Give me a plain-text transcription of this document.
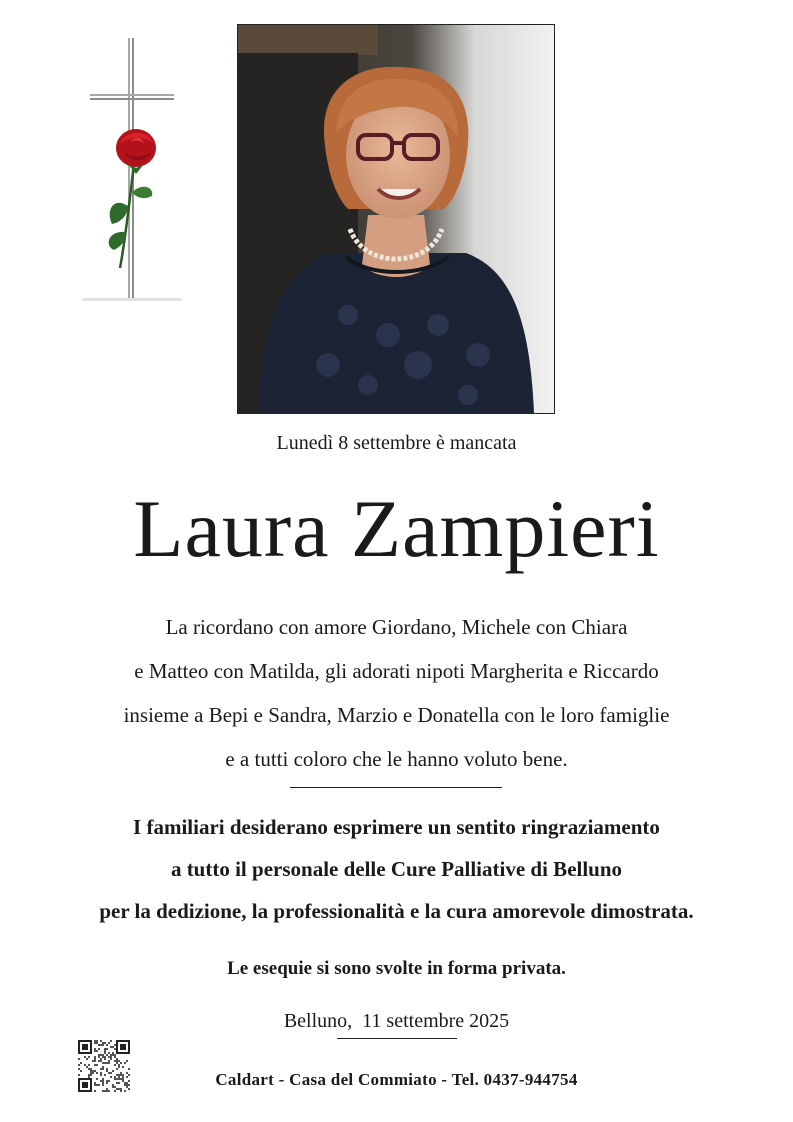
Lunedì 8 settembre è mancata
Laura Zampieri
La ricordano con amore Giordano, Michele con Chiara
e Matteo con Matilda, gli adorati nipoti Margherita e Riccardo
insieme a Bepi e Sandra, Marzio e Donatella con le loro famiglie
e a tutti coloro che le hanno voluto bene.
I familiari desiderano esprimere un sentito ringraziamento
a tutto il personale delle Cure Palliative di Belluno
per la dedizione, la professionalità e la cura amorevole dimostrata.
Le esequie si sono svolte in forma privata.
Belluno, 11 settembre 2025
Caldart - Casa del Commiato - Tel. 0437-944754
